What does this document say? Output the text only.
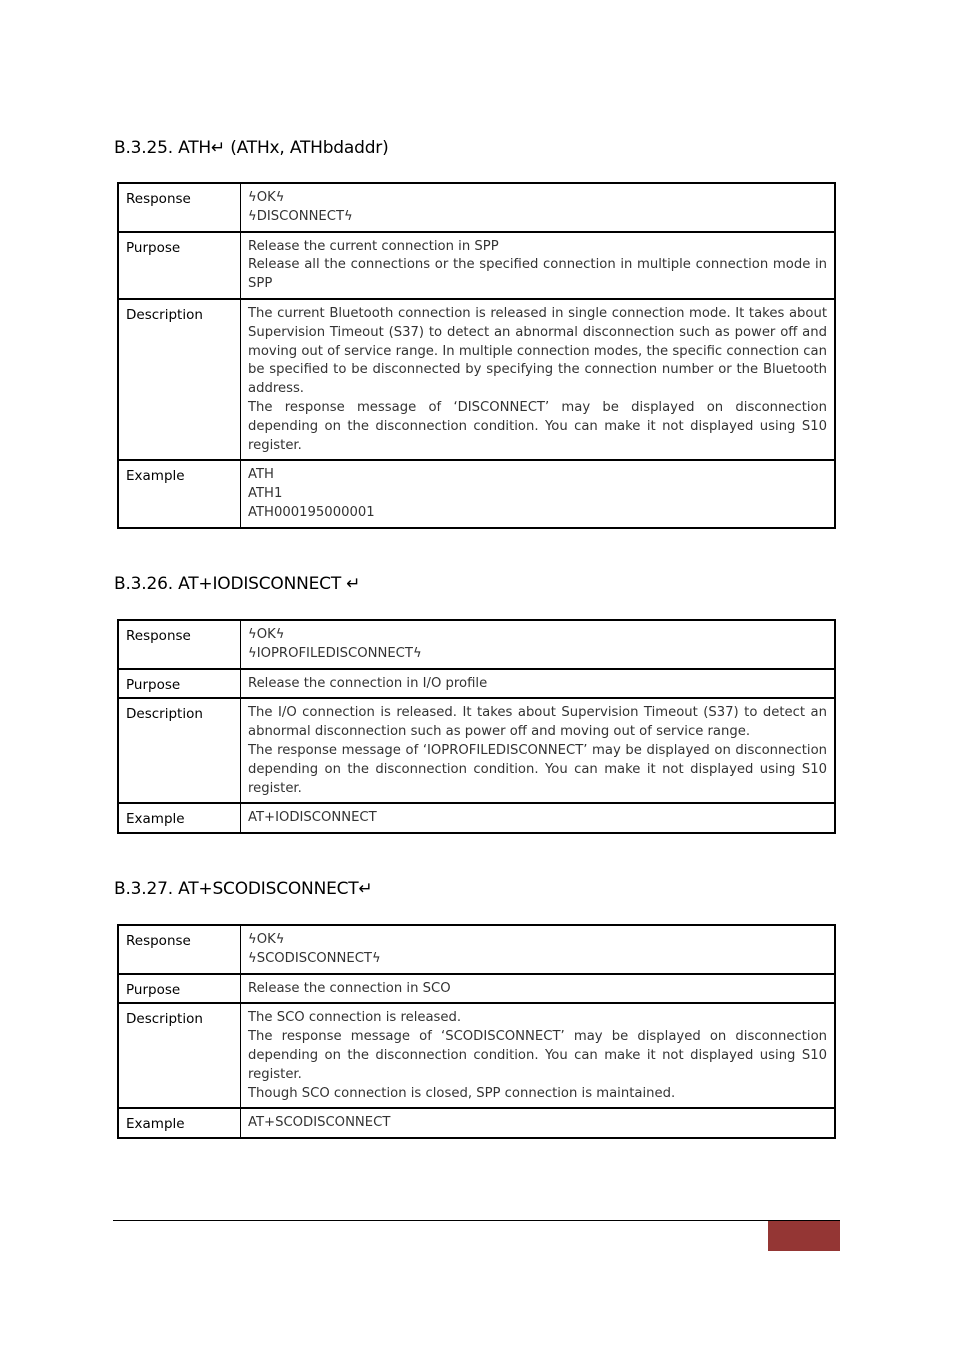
B.3.25. ATH↵ (ATHx, ATHbdaddr)
Response	ϟOKϟ
ϟDISCONNECTϟ

Purpose	Release the current connection in SPP
Release all the connections or the specified connection in multiple connection mode in SPP

Description	The current Bluetooth connection is released in single connection mode. It takes about Supervision Timeout (S37) to detect an abnormal disconnection such as power off and moving out of service range. In multiple connection modes, the specific connection can be specified to be disconnected by specifying the connection number or the Bluetooth address.
The response message of ‘DISCONNECT’ may be displayed on disconnection depending on the disconnection condition. You can make it not displayed using S10 register.

Example	ATH
ATH1
ATH000195000001
B.3.26. AT+IODISCONNECT ↵
Response	ϟOKϟ
ϟIOPROFILEDISCONNECTϟ

Purpose	Release the connection in I/O profile

Description	The I/O connection is released. It takes about Supervision Timeout (S37) to detect an abnormal disconnection such as power off and moving out of service range.
The response message of ‘IOPROFILEDISCONNECT’ may be displayed on disconnection depending on the disconnection condition. You can make it not displayed using S10 register.

Example	AT+IODISCONNECT
B.3.27. AT+SCODISCONNECT↵
Response	ϟOKϟ
ϟSCODISCONNECTϟ

Purpose	Release the connection in SCO

Description	The SCO connection is released.
The response message of ‘SCODISCONNECT’ may be displayed on disconnection depending on the disconnection condition. You can make it not displayed using S10 register.
Though SCO connection is closed, SPP connection is maintained.

Example	AT+SCODISCONNECT
